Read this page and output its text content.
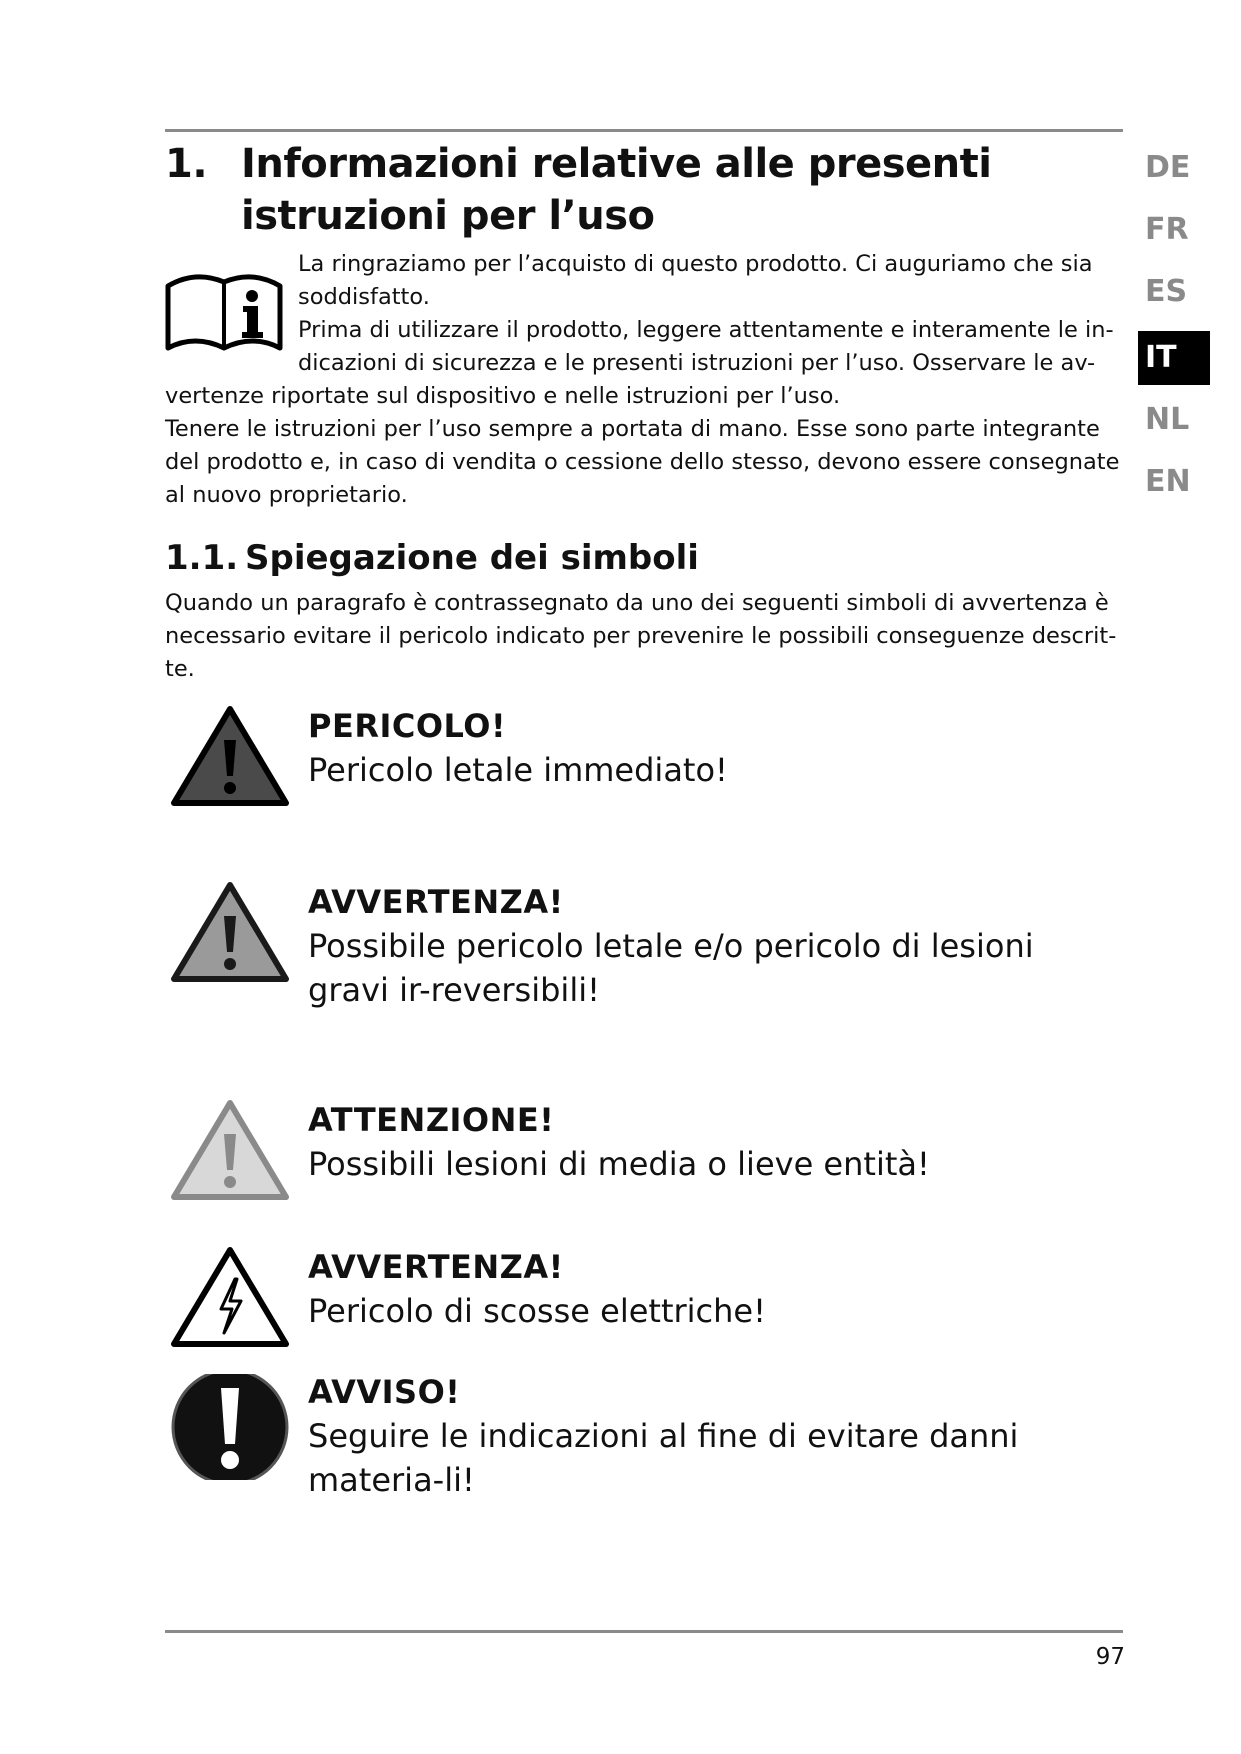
1. Informazioni relative alle presenti
istruzioni per l’uso

La ringraziamo per l’acquisto di questo prodotto. Ci auguriamo che sia

soddisfatto.

Prima di utilizzare il prodotto, leggere attentamente e interamente le in-

dicazioni di sicurezza e le presenti istruzioni per l’uso. Osservare le av-

vertenze riportate sul dispositivo e nelle istruzioni per l’uso.

Tenere le istruzioni per l’uso sempre a portata di mano. Esse sono parte integrante del prodotto e, in caso di vendita o cessione dello stesso, devono essere consegnate al nuovo proprietario.

1.1. Spiegazione dei simboli

Quando un paragrafo è contrassegnato da uno dei seguenti simboli di avvertenza è necessario evitare il pericolo indicato per prevenire le possibili conseguenze descrit-te.

DE
FR
ES
IT
NL
EN
PERICOLO!
Pericolo letale immediato!
AVVERTENZA!
Possibile pericolo letale e/o pericolo di lesioni gravi ir-reversibili!
ATTENZIONE!
Possibili lesioni di media o lieve entità!
AVVERTENZA!
Pericolo di scosse elettriche!
AVVISO!
Seguire le indicazioni al fine di evitare danni materia-li!
97
